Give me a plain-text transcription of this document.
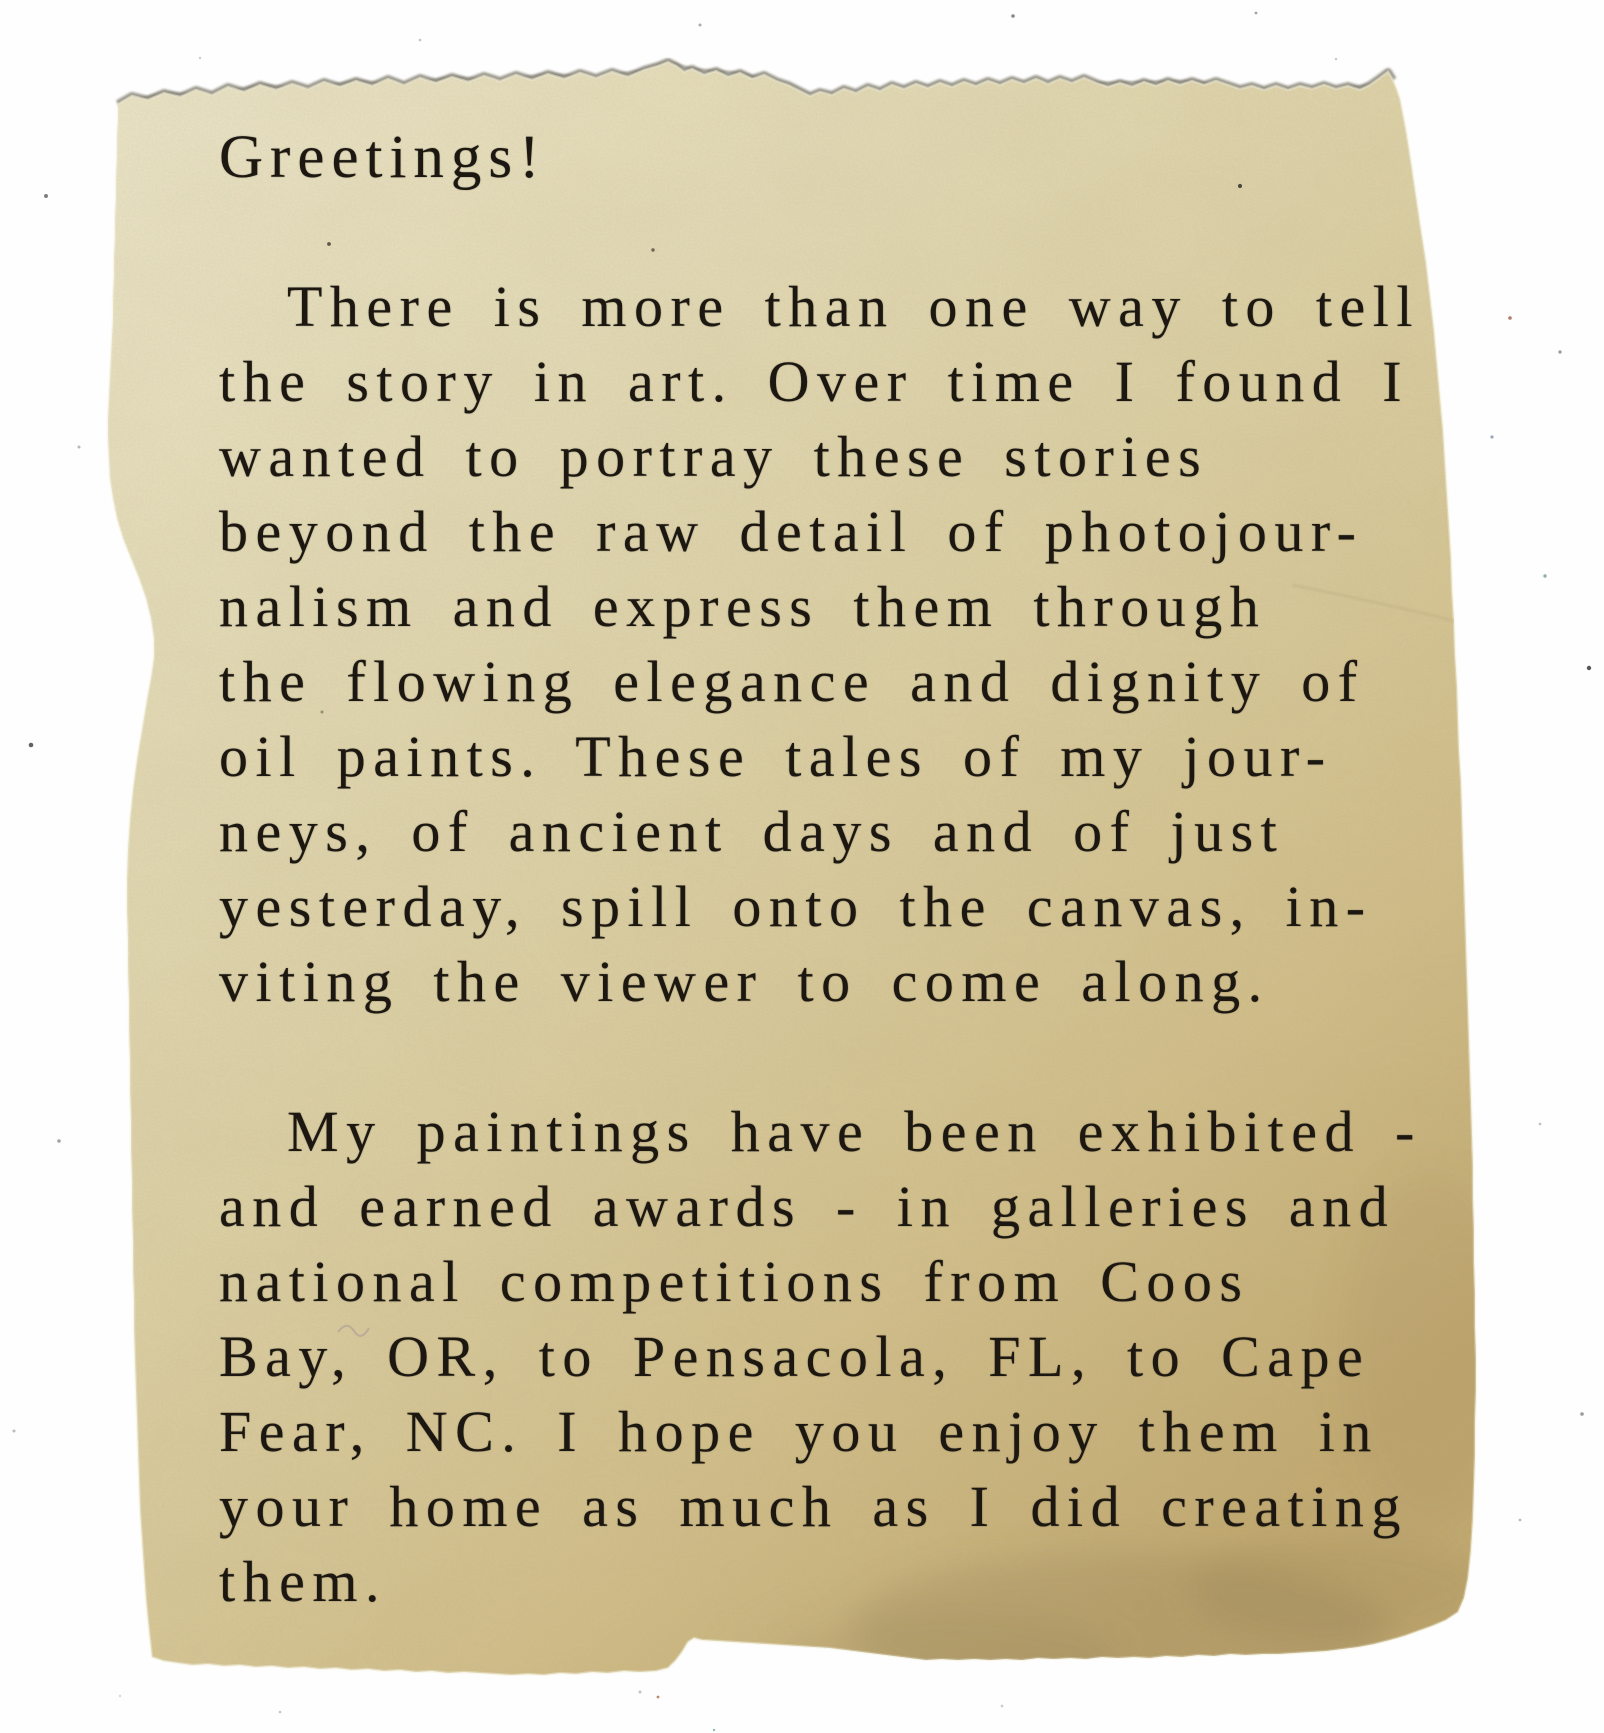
Greetings!
There is more than one way to tell
the story in art. Over time I found I
wanted to portray these stories
beyond the raw detail of photojour-
nalism and express them through
the flowing elegance and dignity of
oil paints. These tales of my jour-
neys, of ancient days and of just
yesterday, spill onto the canvas, in-
viting the viewer to come along.
My paintings have been exhibited -
and earned awards - in galleries and
national competitions from Coos
Bay, OR, to Pensacola, FL, to Cape
Fear, NC. I hope you enjoy them in
your home as much as I did creating
them.
